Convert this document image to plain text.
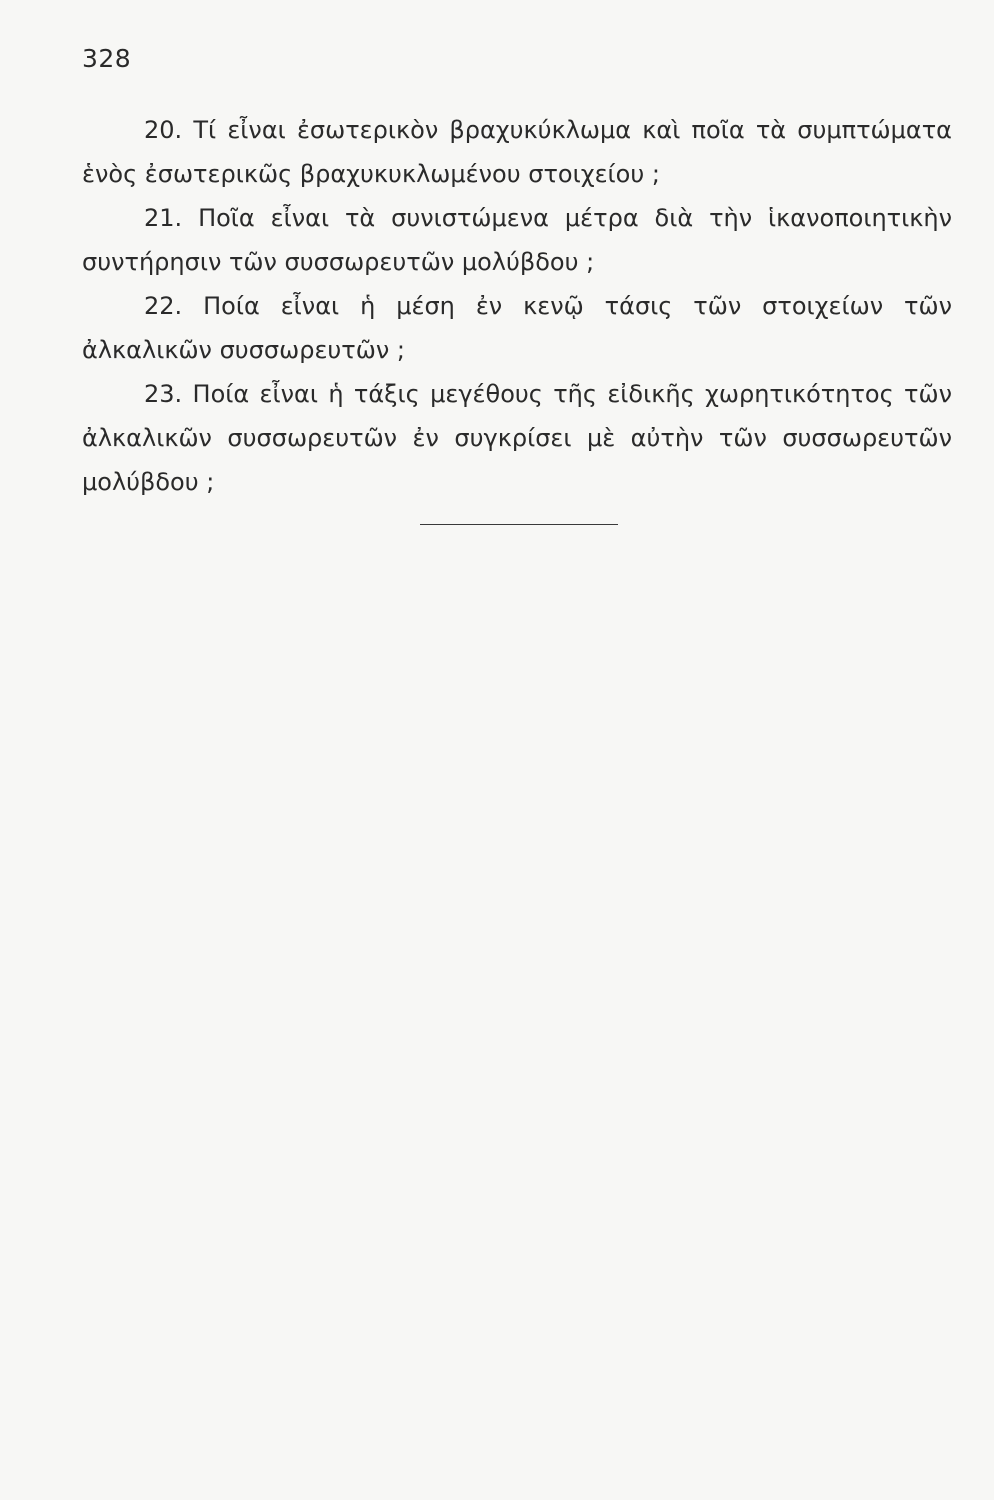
328

20. Τί εἶναι ἐσωτερικὸν βραχυκύκλωμα καὶ ποῖα τὰ συμπτώματα ἑνὸς ἐσωτερικῶς βραχυκυκλωμένου στοιχείου ;

21. Ποῖα εἶναι τὰ συνιστώμενα μέτρα διὰ τὴν ἱκανοποιητικὴν συντήρησιν τῶν συσσωρευτῶν μολύβδου ;

22. Ποία εἶναι ἡ μέση ἐν κενῷ τάσις τῶν στοιχείων τῶν ἀλκαλικῶν συσσωρευτῶν ;

23. Ποία εἶναι ἡ τάξις μεγέθους τῆς εἰδικῆς χωρητικότητος τῶν ἀλκαλικῶν συσσωρευτῶν ἐν συγκρίσει μὲ αὐτὴν τῶν συσσωρευτῶν μολύβδου ;
